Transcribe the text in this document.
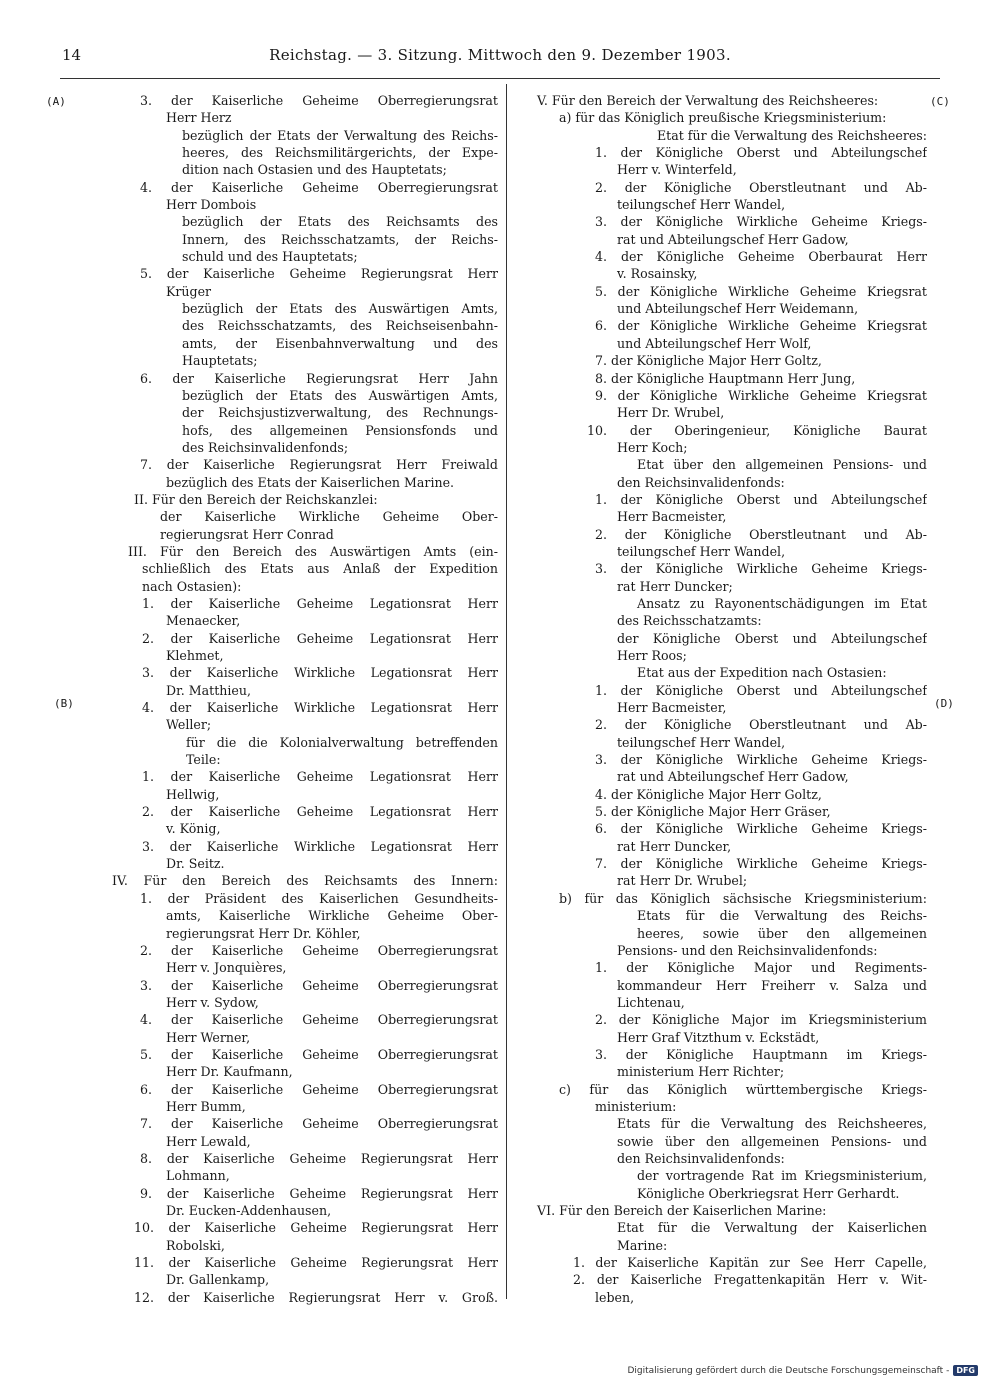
14	Reichstag. — 3. Sitzung. Mittwoch den 9. Dezember 1903.
(A)
(B)
(C)
(D)
3. der Kaiserliche Geheime Oberregierungsrat
Herr Herz
bezüglich der Etats der Verwaltung des Reichs-
heeres, des Reichsmilitärgerichts, der Expe-
dition nach Ostasien und des Hauptetats;
4. der Kaiserliche Geheime Oberregierungsrat
Herr Dombois
bezüglich der Etats des Reichsamts des
Innern, des Reichsschatzamts, der Reichs-
schuld und des Hauptetats;
5. der Kaiserliche Geheime Regierungsrat Herr
Krüger
bezüglich der Etats des Auswärtigen Amts,
des Reichsschatzamts, des Reichseisenbahn-
amts, der Eisenbahnverwaltung und des
Hauptetats;
6. der Kaiserliche Regierungsrat Herr Jahn
bezüglich der Etats des Auswärtigen Amts,
der Reichsjustizverwaltung, des Rechnungs-
hofs, des allgemeinen Pensionsfonds und
des Reichsinvalidenfonds;
7. der Kaiserliche Regierungsrat Herr Freiwald
bezüglich des Etats der Kaiserlichen Marine.
II. Für den Bereich der Reichskanzlei:
der Kaiserliche Wirkliche Geheime Ober-
regierungsrat Herr Conrad
III. Für den Bereich des Auswärtigen Amts (ein-
schließlich des Etats aus Anlaß der Expedition
nach Ostasien):
1. der Kaiserliche Geheime Legationsrat Herr
Menaecker,
2. der Kaiserliche Geheime Legationsrat Herr
Klehmet,
3. der Kaiserliche Wirkliche Legationsrat Herr
Dr. Matthieu,
4. der Kaiserliche Wirkliche Legationsrat Herr
Weller;
für die die Kolonialverwaltung betreffenden
Teile:
1. der Kaiserliche Geheime Legationsrat Herr
Hellwig,
2. der Kaiserliche Geheime Legationsrat Herr
v. König,
3. der Kaiserliche Wirkliche Legationsrat Herr
Dr. Seitz.
IV. Für den Bereich des Reichsamts des Innern:
1. der Präsident des Kaiserlichen Gesundheits-
amts, Kaiserliche Wirkliche Geheime Ober-
regierungsrat Herr Dr. Köhler,
2. der Kaiserliche Geheime Oberregierungsrat
Herr v. Jonquières,
3. der Kaiserliche Geheime Oberregierungsrat
Herr v. Sydow,
4. der Kaiserliche Geheime Oberregierungsrat
Herr Werner,
5. der Kaiserliche Geheime Oberregierungsrat
Herr Dr. Kaufmann,
6. der Kaiserliche Geheime Oberregierungsrat
Herr Bumm,
7. der Kaiserliche Geheime Oberregierungsrat
Herr Lewald,
8. der Kaiserliche Geheime Regierungsrat Herr
Lohmann,
9. der Kaiserliche Geheime Regierungsrat Herr
Dr. Eucken-Addenhausen,
10. der Kaiserliche Geheime Regierungsrat Herr
Robolski,
11. der Kaiserliche Geheime Regierungsrat Herr
Dr. Gallenkamp,
12. der Kaiserliche Regierungsrat Herr v. Groß.
V. Für den Bereich der Verwaltung des Reichsheeres:
a) für das Königlich preußische Kriegsministerium:
Etat für die Verwaltung des Reichsheeres:
1. der Königliche Oberst und Abteilungschef
Herr v. Winterfeld,
2. der Königliche Oberstleutnant und Ab-
teilungschef Herr Wandel,
3. der Königliche Wirkliche Geheime Kriegs-
rat und Abteilungschef Herr Gadow,
4. der Königliche Geheime Oberbaurat Herr
v. Rosainsky,
5. der Königliche Wirkliche Geheime Kriegsrat
und Abteilungschef Herr Weidemann,
6. der Königliche Wirkliche Geheime Kriegsrat
und Abteilungschef Herr Wolf,
7. der Königliche Major Herr Goltz,
8. der Königliche Hauptmann Herr Jung,
9. der Königliche Wirkliche Geheime Kriegsrat
Herr Dr. Wrubel,
10. der Oberingenieur, Königliche Baurat
Herr Koch;
Etat über den allgemeinen Pensions- und
den Reichsinvalidenfonds:
1. der Königliche Oberst und Abteilungschef
Herr Bacmeister,
2. der Königliche Oberstleutnant und Ab-
teilungschef Herr Wandel,
3. der Königliche Wirkliche Geheime Kriegs-
rat Herr Duncker;
Ansatz zu Rayonentschädigungen im Etat
des Reichsschatzamts:
der Königliche Oberst und Abteilungschef
Herr Roos;
Etat aus der Expedition nach Ostasien:
1. der Königliche Oberst und Abteilungschef
Herr Bacmeister,
2. der Königliche Oberstleutnant und Ab-
teilungschef Herr Wandel,
3. der Königliche Wirkliche Geheime Kriegs-
rat und Abteilungschef Herr Gadow,
4. der Königliche Major Herr Goltz,
5. der Königliche Major Herr Gräser,
6. der Königliche Wirkliche Geheime Kriegs-
rat Herr Duncker,
7. der Königliche Wirkliche Geheime Kriegs-
rat Herr Dr. Wrubel;
b) für das Königlich sächsische Kriegsministerium:
Etats für die Verwaltung des Reichs-
heeres, sowie über den allgemeinen
Pensions- und den Reichsinvalidenfonds:
1. der Königliche Major und Regiments-
kommandeur Herr Freiherr v. Salza und
Lichtenau,
2. der Königliche Major im Kriegsministerium
Herr Graf Vitzthum v. Eckstädt,
3. der Königliche Hauptmann im Kriegs-
ministerium Herr Richter;
c) für das Königlich württembergische Kriegs-
ministerium:
Etats für die Verwaltung des Reichsheeres,
sowie über den allgemeinen Pensions- und
den Reichsinvalidenfonds:
der vortragende Rat im Kriegsministerium,
Königliche Oberkriegsrat Herr Gerhardt.
VI. Für den Bereich der Kaiserlichen Marine:
Etat für die Verwaltung der Kaiserlichen
Marine:
1. der Kaiserliche Kapitän zur See Herr Capelle,
2. der Kaiserliche Fregattenkapitän Herr v. Wit-
leben,
Digitalisierung gefördert durch die Deutsche Forschungsgemeinschaft - DFG
